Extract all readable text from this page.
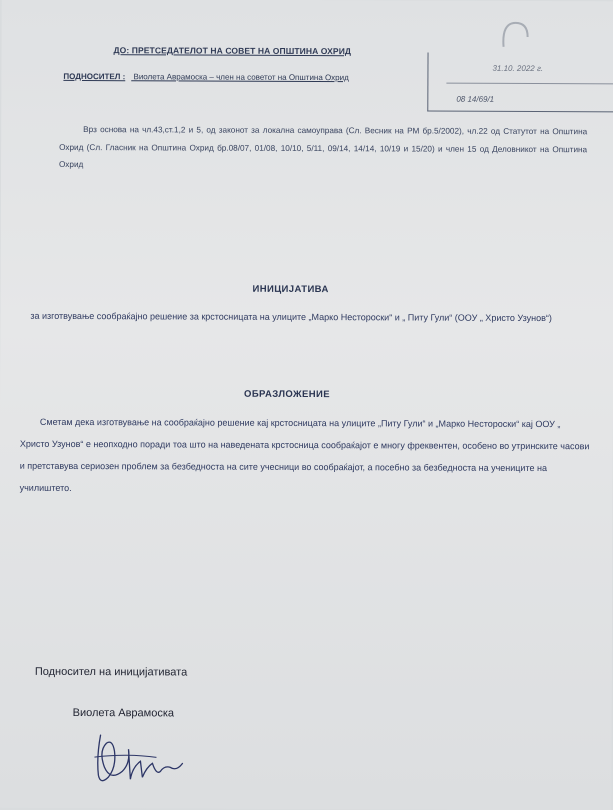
ДО: ПРЕТСЕДАТЕЛОТ НА СОВЕТ НА ОПШТИНА ОХРИД
ПОДНОСИТЕЛ : Виолета Аврамоска – член на советот на Општина Охрид
31.10. 2022 г.
08 14/69/1
Врз основа на чл.43,ст.1,2 и 5, од законот за локална самоуправа (Сл. Весник на РМ бр.5/2002), чл.22 од Статутот на Општина Охрид (Сл. Гласник на Општина Охрид бр.08/07, 01/08, 10/10, 5/11, 09/14, 14/14, 10/19 и 15/20) и член 15 од Деловникот на Општина Охрид
ИНИЦИЈАТИВА
за изготвување сообраќајно решение за крстосницата на улиците „Марко Несторoски“ и „ Питу Гули“ (ООУ „ Христо Узунов“)
ОБРАЗЛОЖЕНИЕ
Сметам дека изготвување на сообраќајно решение кај крстосницата на улиците „Питу Гули“ и „Марко Несторoски“ кај ООУ „ Христо Узунов“ е неопходно поради тоа што на наведената крстосница сообраќајот е многу фреквентен, особено во утринските часови и претставува сериозен проблем за безбедноста на сите учесници во сообраќајот, а посебно за безбедноста на учениците на училиштето.
Подносител на иницијативата
Виолета Аврамоска
